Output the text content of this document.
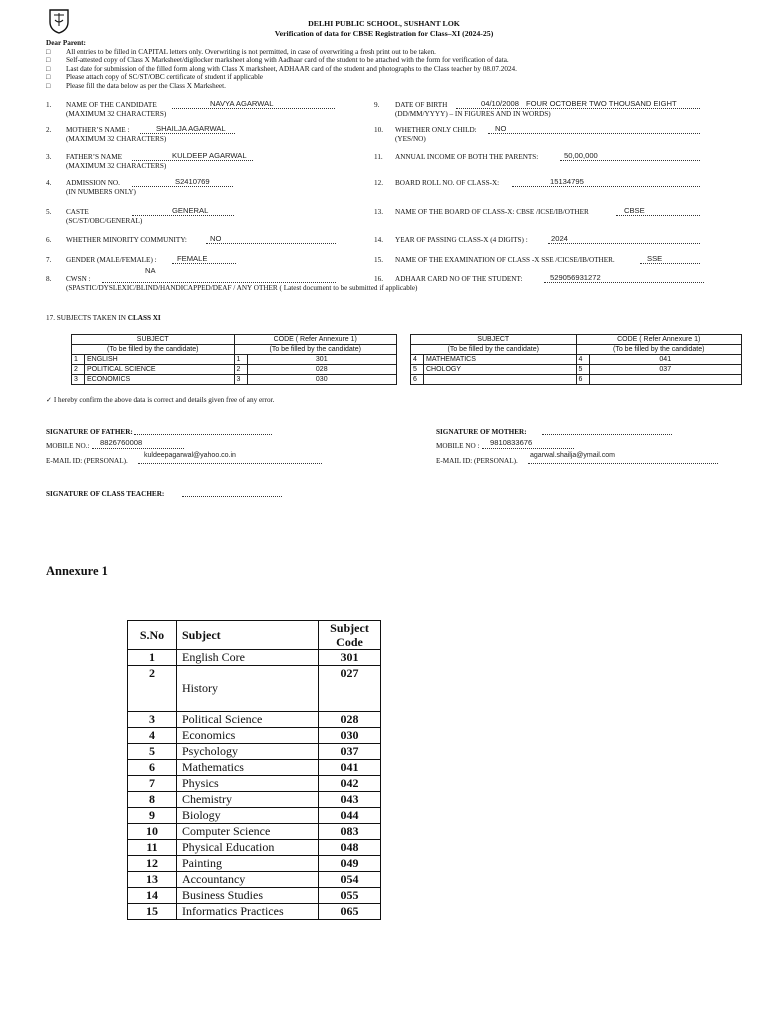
DELHI PUBLIC SCHOOL, SUSHANT LOK
Verification of data for CBSE Registration for Class–XI (2024-25)
Dear Parent:
□ All entries to be filled in CAPITAL letters only. Overwriting is not permitted, in case of overwriting a fresh print out to be taken.
□ Self-attested copy of Class X Marksheet/digilocker marksheet along with Aadhaar card of the student to be attached with the form for verification of data.
□ Last date for submission of the filled form along with Class X marksheet, ADHAAR card of the student and photographs to the Class teacher by 08.07.2024.
□ Please attach copy of SC/ST/OBC certificate of student if applicable
□ Please fill the data below as per the Class X Marksheet.
1. NAME OF THE CANDIDATE
(MAXIMUM 32 CHARACTERS)
NAVYA AGARWAL
2. MOTHER’S NAME :
(MAXIMUM 32 CHARACTERS)
SHAILJA AGARWAL
3. FATHER’S NAME
(MAXIMUM 32 CHARACTERS)
KULDEEP AGARWAL
4. ADMISSION NO.
(IN NUMBERS ONLY)
S2410769
5. CASTE
(SC/ST/OBC/GENERAL)
GENERAL
6. WHETHER MINORITY COMMUNITY:	NO
7. GENDER (MALE/FEMALE) :	FEMALE
8. CWSN :
(SPASTIC/DYSLEXIC/BLIND/HANDICAPPED/DEAF / ANY OTHER ( Latest document to be submitted if applicable)
NA
9. DATE OF BIRTH
(DD/MM/YYYY) – IN FIGURES AND IN WORDS)
04/10/2008 FOUR OCTOBER TWO THOUSAND EIGHT
10. WHETHER ONLY CHILD:
(YES/NO)
NO
11. ANNUAL INCOME OF BOTH THE PARENTS:	50,00,000
12. BOARD ROLL NO. OF CLASS-X:	15134795
13. NAME OF THE BOARD OF CLASS-X: CBSE /ICSE/IB/OTHER	CBSE
14. YEAR OF PASSING CLASS-X (4 DIGITS) :	2024
15. NAME OF THE EXAMINATION OF CLASS -X SSE /CICSE/IB/OTHER.	SSE
16. ADHAAR CARD NO OF THE STUDENT:	529056931272
17. SUBJECTS TAKEN IN CLASS XI
SUBJECT		CODE ( Refer Annexure 1)	
(To be filled by the candidate)		(To be filled by the candidate)	
1	ENGLISH	1	301
2	POLITICAL SCIENCE	2	028
3	ECONOMICS	3	030
SUBJECT		CODE ( Refer Annexure 1)	
(To be filled by the candidate)		(To be filled by the candidate)	
4	MATHEMATICS	4	041
5	CHOLOGY	5	037
6		6	
✓ I hereby confirm the above data is correct and details given free of any error.
SIGNATURE OF FATHER:
MOBILE NO.: 8826760008
E-MAIL ID: (PERSONAL).
kuldeepagarwal@yahoo.co.in
SIGNATURE OF MOTHER:
MOBILE NO : 9810833676
E-MAIL ID: (PERSONAL).
agarwal.shailja@ymail.com
SIGNATURE OF CLASS TEACHER:
Annexure 1
S.No	Subject	Subject Code
1	English Core	301
2	History	027
3	Political Science	028
4	Economics	030
5	Psychology	037
6	Mathematics	041
7	Physics	042
8	Chemistry	043
9	Biology	044
10	Computer Science	083
11	Physical Education	048
12	Painting	049
13	Accountancy	054
14	Business Studies	055
15	Informatics Practices	065
